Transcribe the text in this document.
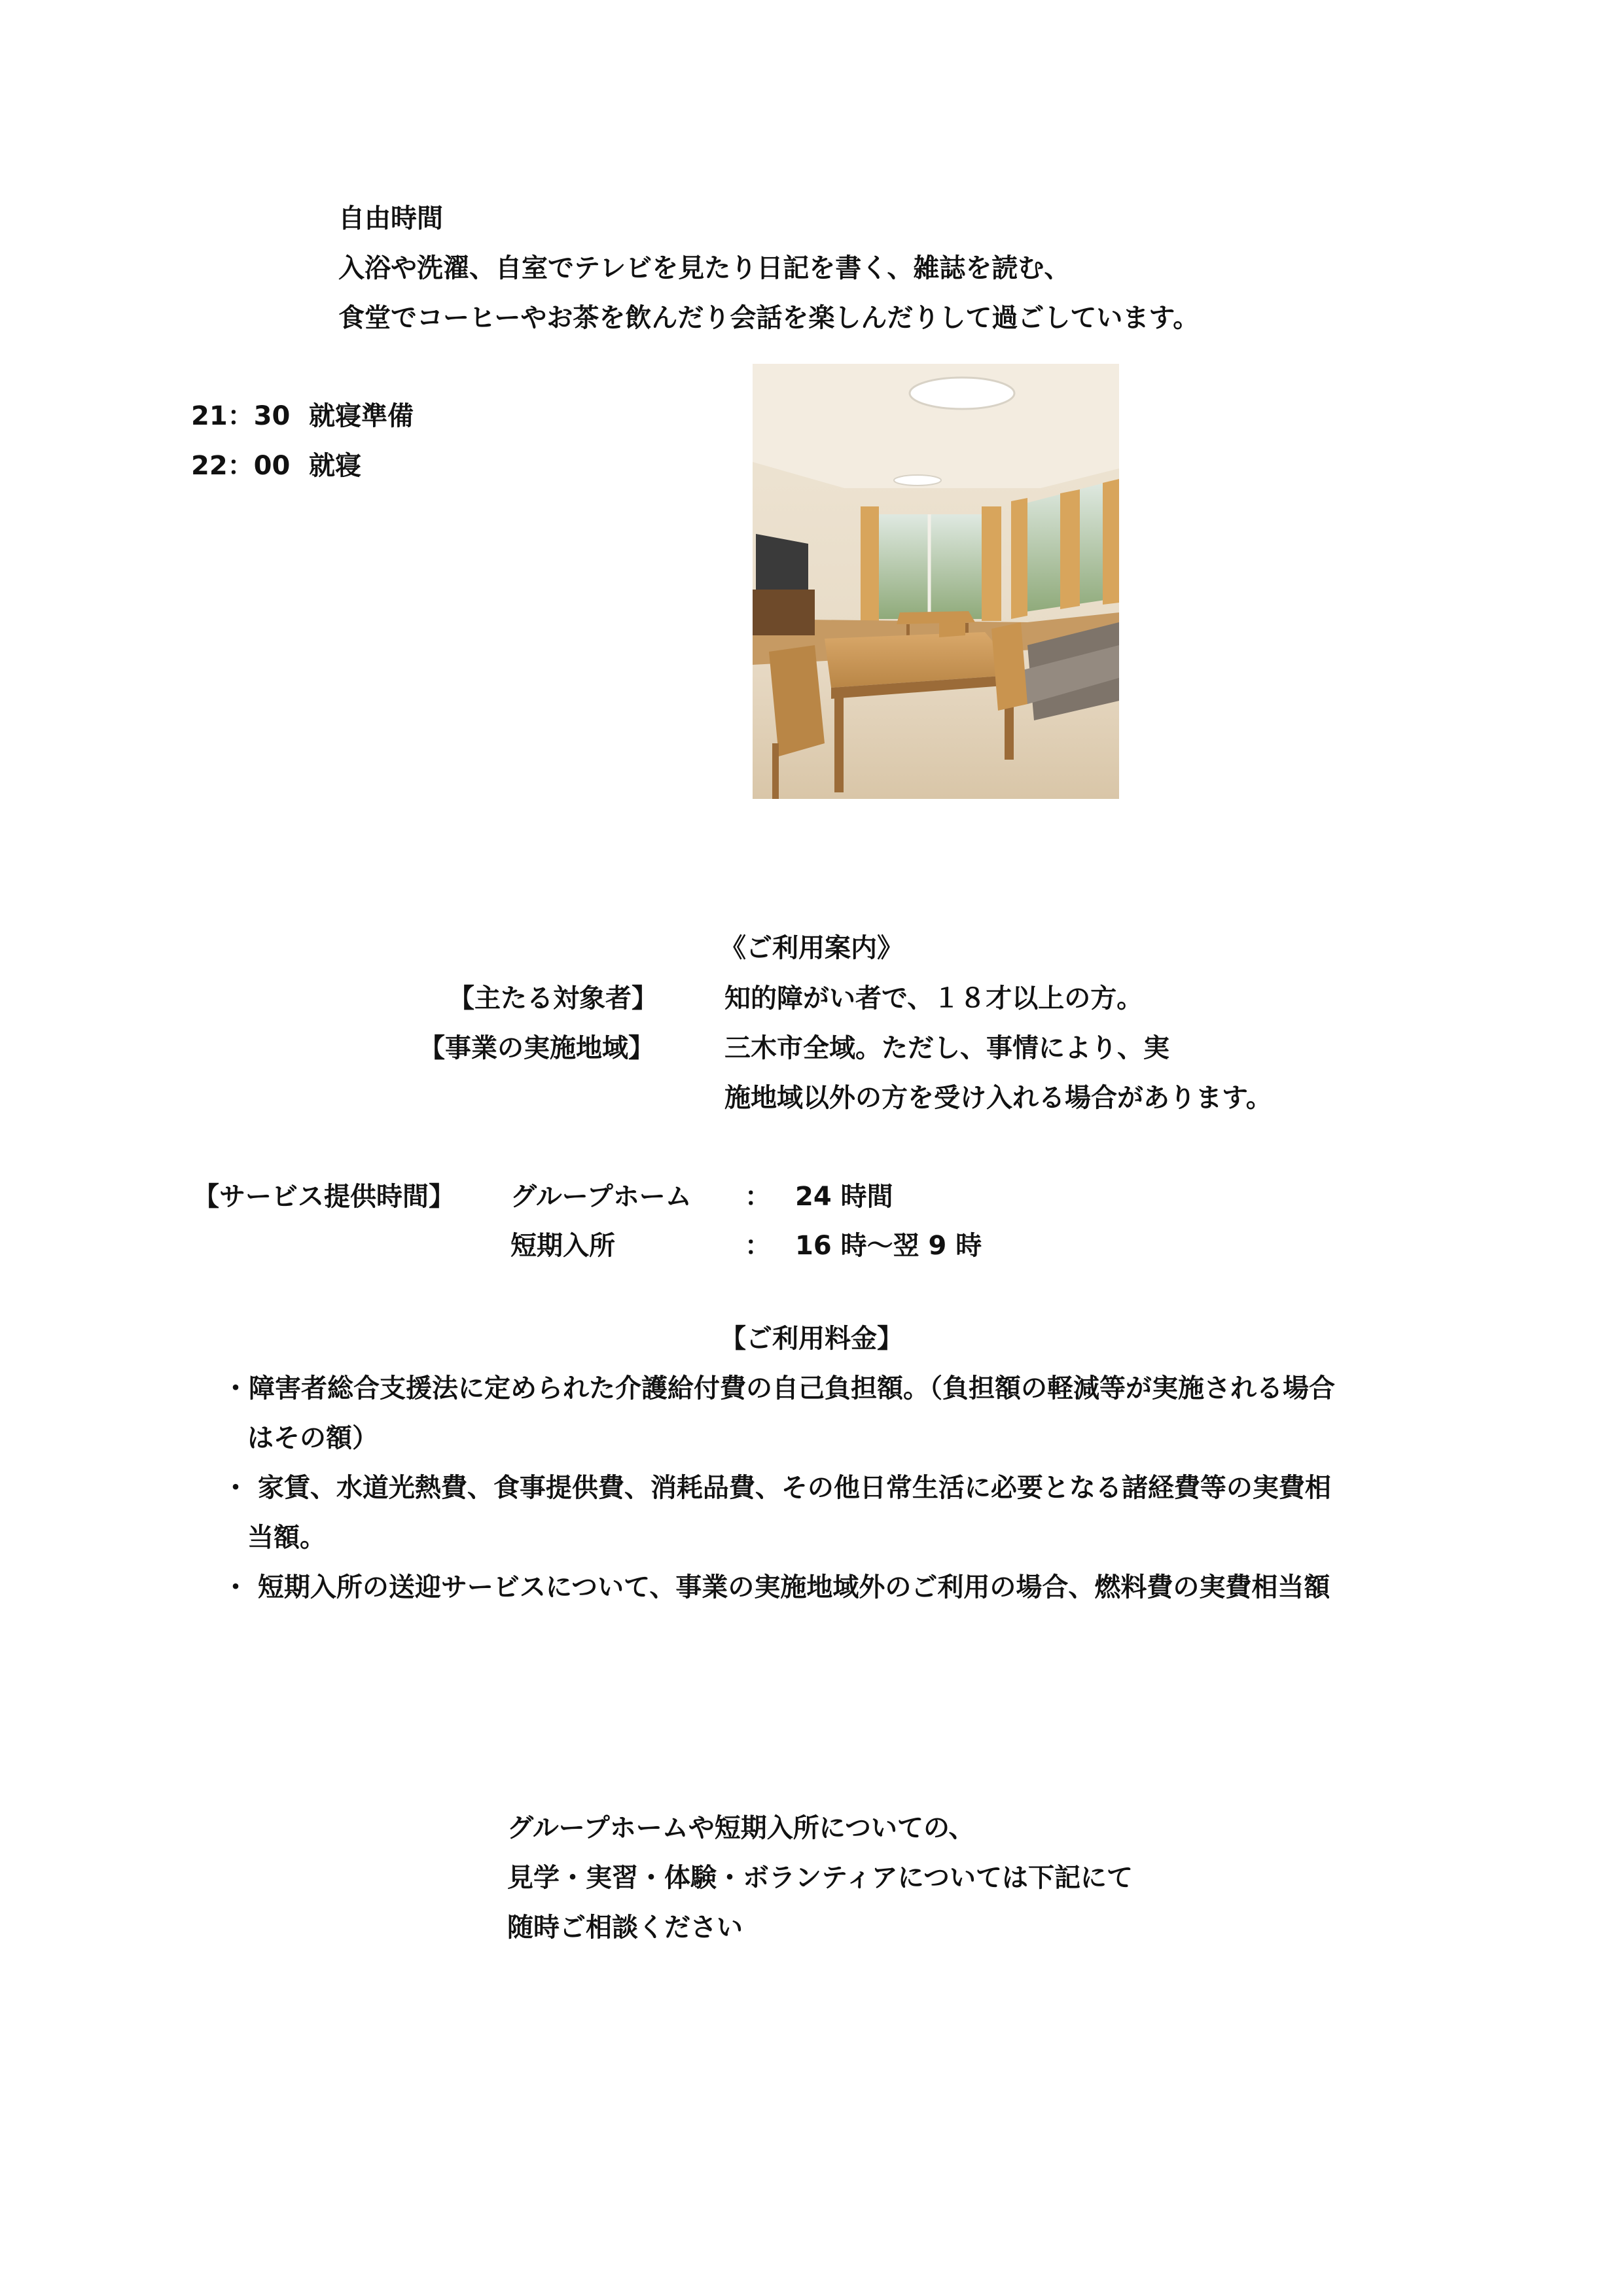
自由時間
入浴や洗濯、自室でテレビを見たり日記を書く、雑誌を読む、
食堂でコーヒーやお茶を飲んだり会話を楽しんだりして過ごしています。
21：30 就寝準備
22：00 就寝
《ご利用案内》
【主たる対象者】	知的障がい者で、１８才以上の方。
【事業の実施地域】	三木市全域。ただし、事情により、実
施地域以外の方を受け入れる場合があります。
【サービス提供時間】 グループホーム ： 24 時間
短期入所	： 16 時～翌 9 時
【ご利用料金】
・障害者総合支援法に定められた介護給付費の自己負担額。（負担額の軽減等が実施される場合
はその額）
・ 家賃、水道光熱費、食事提供費、消耗品費、その他日常生活に必要となる諸経費等の実費相
当額。
・ 短期入所の送迎サービスについて、事業の実施地域外のご利用の場合、燃料費の実費相当額
グループホームや短期入所についての、
見学・実習・体験・ボランティアについては下記にて
随時ご相談ください
